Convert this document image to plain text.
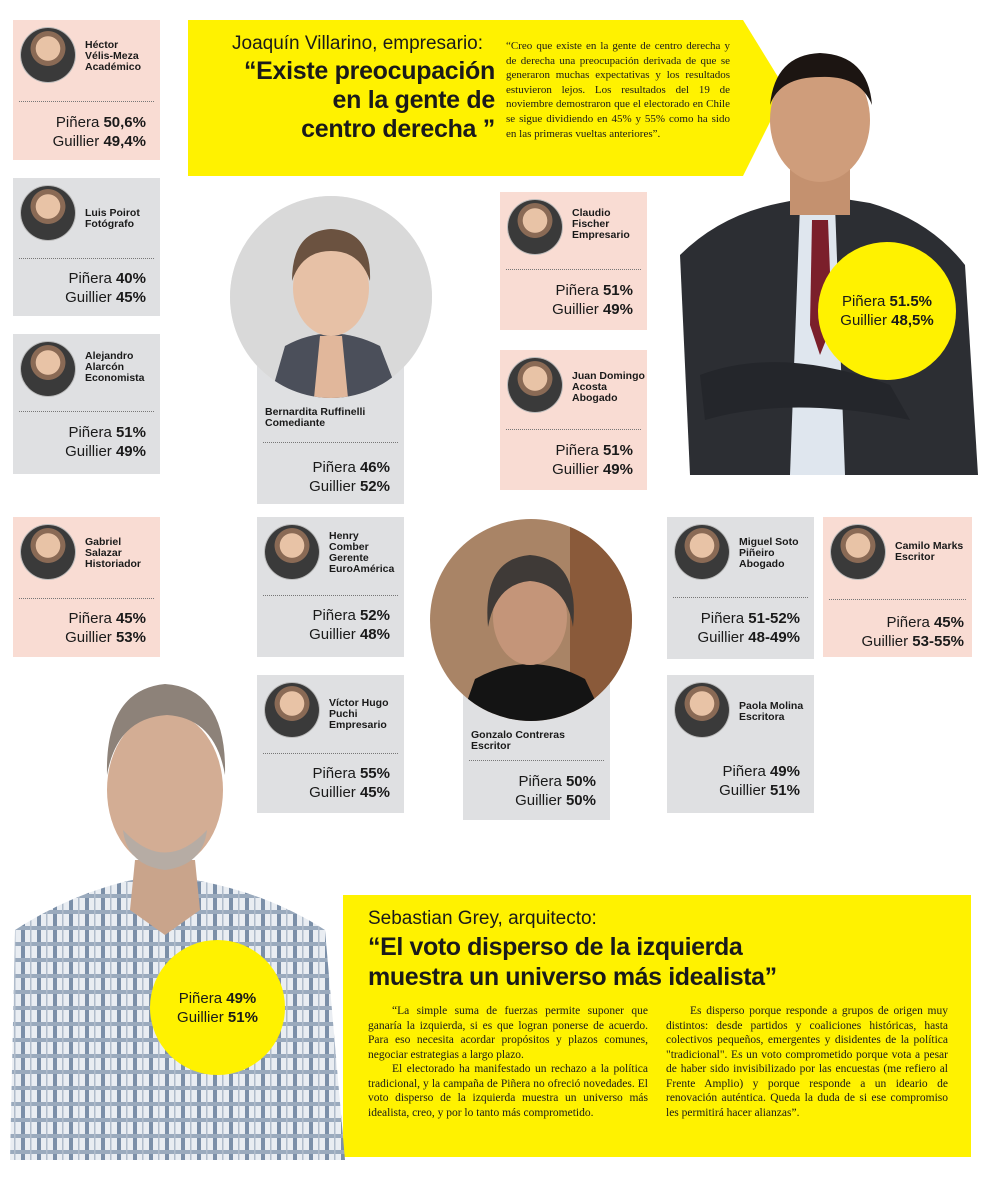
Joaquín Villarino, empresario:
“Existe preocupación
en la gente de
centro derecha ”
“Creo que existe en la gente de centro derecha y de derecha una preocupación derivada de que se generaron muchas expectativas y los resultados estuvieron lejos. Los resultados del 19 de noviembre demostraron que el electorado en Chile se sigue dividiendo en 45% y 55% como ha sido en las primeras vueltas anteriores”.
Piñera 51.5%
Guillier 48,5%
Héctor
Vélis-Meza
Académico
Piñera 50,6%
Guillier 49,4%
Luis Poirot
Fotógrafo
Piñera 40%
Guillier 45%
Alejandro
Alarcón
Economista
Piñera 51%
Guillier 49%
Gabriel
Salazar
Historiador
Piñera 45%
Guillier 53%
Bernardita Ruffinelli
Comediante
Piñera 46%
Guillier 52%
Claudio
Fischer
Empresario
Piñera 51%
Guillier 49%
Juan Domingo
Acosta
Abogado
Piñera 51%
Guillier 49%
Henry
Comber
Gerente
EuroAmérica
Piñera 52%
Guillier 48%
Víctor Hugo
Puchi
Empresario
Piñera 55%
Guillier 45%
Gonzalo Contreras
Escritor
Piñera 50%
Guillier 50%
Miguel Soto
Piñeiro
Abogado
Piñera 51-52%
Guillier 48-49%
Camilo Marks
Escritor
Piñera 45%
Guillier 53-55%
Paola Molina
Escritora
Piñera 49%
Guillier 51%
Piñera 49%
Guillier 51%
Sebastian Grey, arquitecto:
“El voto disperso de la izquierda
muestra un universo más idealista”
“La simple suma de fuerzas permite suponer que ganaría la izquierda, si es que logran ponerse de acuerdo. Para eso necesita acordar propósitos y plazos comunes, negociar estrategias a largo plazo.
El electorado ha manifestado un rechazo a la política tradicional, y la campaña de Piñera no ofreció novedades. El voto disperso de la izquierda muestra un universo más idealista, creo, y por lo tanto más comprometido.
Es disperso porque responde a grupos de origen muy distintos: desde partidos y coaliciones históricas, hasta colectivos pequeños, emergentes y disidentes de la política "tradicional". Es un voto comprometido porque vota a pesar de haber sido invisibilizado por las encuestas (me refiero al Frente Amplio) y porque responde a un ideario de renovación auténtica. Queda la duda de si ese compromiso les permitirá hacer alianzas”.
